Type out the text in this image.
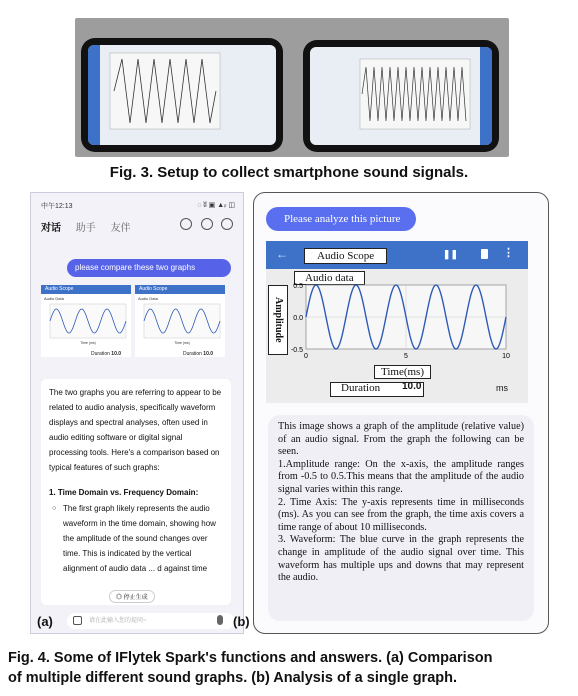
Fig. 3. Setup to collect smartphone sound signals.
中午12:13	◌ ʬ ▣ ▲ᵢₗ ◫
对话 助手 友伴

please compare these two graphs
Audio Scope
Audio Data
Time (ms)
Audio Scope
Audio Data
Time (ms)
Duration 10.0	Duration 10.0

The two graphs you are referring to appear to be related to audio analysis, specifically waveform displays and spectral analyses, often used in audio editing software or digital signal processing tools. Here's a comparison based on typical features of such graphs:

1. Time Domain vs. Frequency Domain:

○ The first graph likely represents the audio waveform in the time domain, showing how the amplitude of the sound changes over time. This is indicated by the vertical alignment of audio data ... d against time

◎ 停止生成
请在此输入您的提问~
(a)
Please analyze this picture
←	❚❚	⋮
Audio Scope
Audio data
Amplitude
0.5
0.0
-0.5
0	5	10
Time(ms)
Duration 10.0	ms

This image shows a graph of the amplitude (relative value) of an audio signal. From the graph the following can be seen.

1.Amplitude range: On the x-axis, the amplitude ranges from -0.5 to 0.5.This means that the amplitude of the audio signal varies within this range.

2. Time Axis: The y-axis represents time in milliseconds (ms). As you can see from the graph, the time axis covers a time range of about 10 milliseconds.

3. Waveform: The blue curve in the graph represents the change in amplitude of the audio signal over time. This waveform has multiple ups and downs that may represent the audio.

(b)
Fig. 4. Some of IFlytek Spark's functions and answers. (a) Comparison
of multiple different sound graphs. (b) Analysis of a single graph.
